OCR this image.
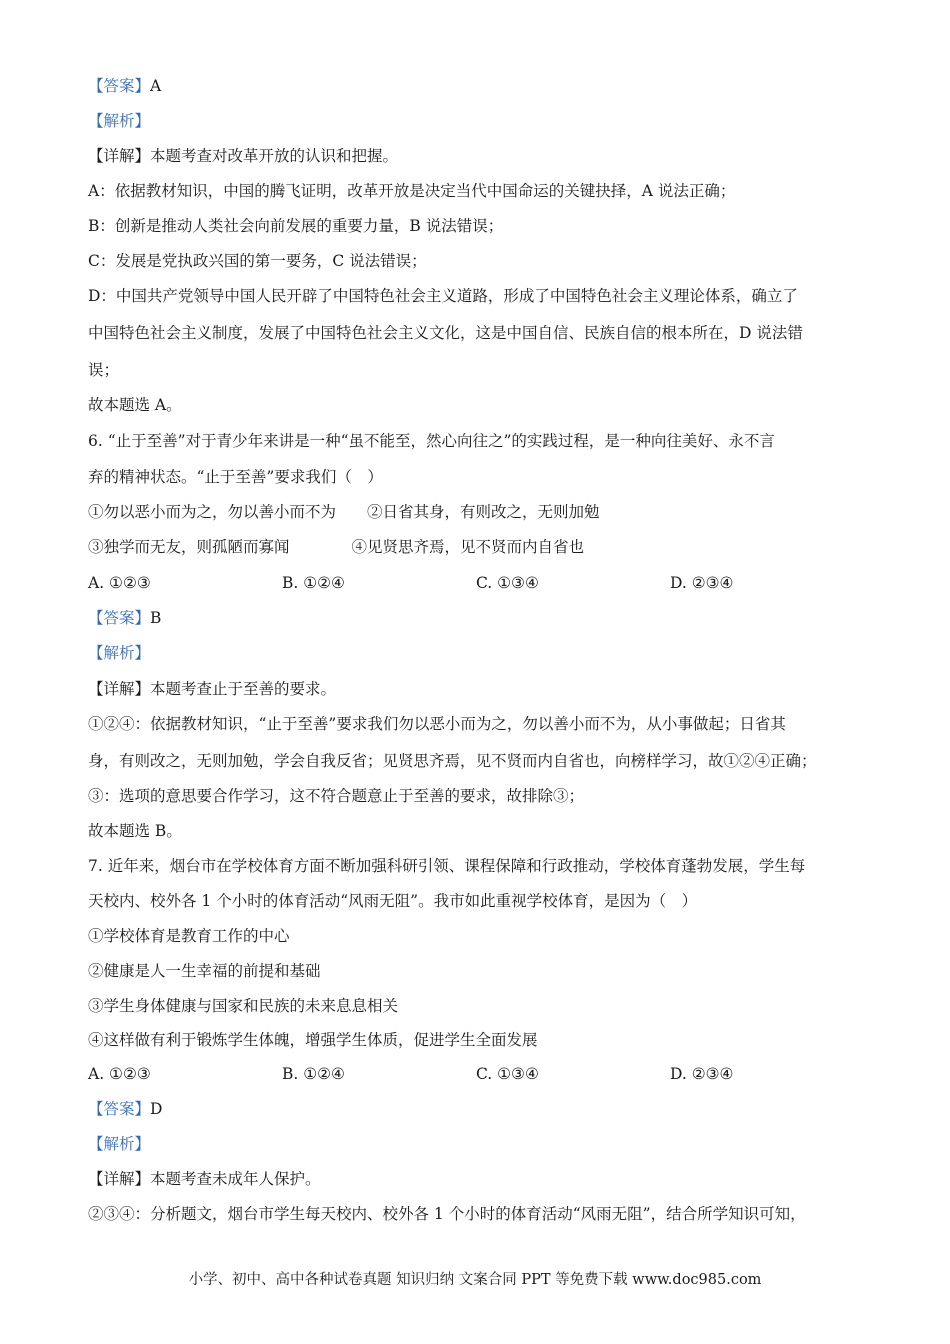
【答案】A
【解析】
【详解】本题考查对改革开放的认识和把握。
A：依据教材知识，中国的腾飞证明，改革开放是决定当代中国命运的关键抉择，A 说法正确；
B：创新是推动人类社会向前发展的重要力量，B 说法错误；
C：发展是党执政兴国的第一要务，C 说法错误；
D：中国共产党领导中国人民开辟了中国特色社会主义道路，形成了中国特色社会主义理论体系，确立了
中国特色社会主义制度，发展了中国特色社会主义文化，这是中国自信、民族自信的根本所在，D 说法错
误；
故本题选 A。
6. “止于至善”对于青少年来讲是一种“虽不能至，然心向往之”的实践过程，是一种向往美好、永不言
弃的精神状态。“止于至善”要求我们（　）
①勿以恶小而为之，勿以善小而不为　　②日省其身，有则改之，无则加勉
③独学而无友，则孤陋而寡闻　　　　④见贤思齐焉，见不贤而内自省也
A. ①②③	B. ①②④	C. ①③④	D. ②③④
【答案】B
【解析】
【详解】本题考查止于至善的要求。
①②④：依据教材知识，“止于至善”要求我们勿以恶小而为之，勿以善小而不为，从小事做起；日省其
身，有则改之，无则加勉，学会自我反省；见贤思齐焉，见不贤而内自省也，向榜样学习，故①②④正确；
③：选项的意思要合作学习，这不符合题意止于至善的要求，故排除③；
故本题选 B。
7. 近年来，烟台市在学校体育方面不断加强科研引领、课程保障和行政推动，学校体育蓬勃发展，学生每
天校内、校外各 1 个小时的体育活动“风雨无阻”。我市如此重视学校体育，是因为（　）
①学校体育是教育工作的中心
②健康是人一生幸福的前提和基础
③学生身体健康与国家和民族的未来息息相关
④这样做有利于锻炼学生体魄，增强学生体质，促进学生全面发展
A. ①②③	B. ①②④	C. ①③④	D. ②③④
【答案】D
【解析】
【详解】本题考查未成年人保护。
②③④：分析题文，烟台市学生每天校内、校外各 1 个小时的体育活动“风雨无阻”，结合所学知识可知，
小学、初中、高中各种试卷真题 知识归纳 文案合同 PPT 等免费下载 www.doc985.com
